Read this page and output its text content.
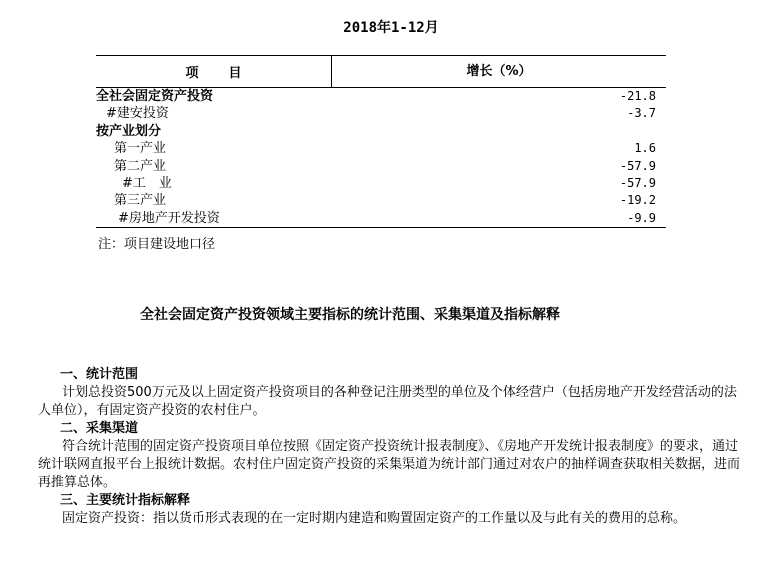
2018年1-12月
项 目	增长（%）
全社会固定资产投资	-21.8
#建安投资	-3.7
按产业划分
第一产业	1.6
第二产业	-57.9
#工　业	-57.9
第三产业	-19.2
#房地产开发投资	-9.9
注：项目建设地口径
全社会固定资产投资领域主要指标的统计范围、采集渠道及指标解释
一、统计范围

计划总投资500万元及以上固定资产投资项目的各种登记注册类型的单位及个体经营户（包括房地产开发经营活动的法人单位），有固定资产投资的农村住户。

二、采集渠道

符合统计范围的固定资产投资项目单位按照《固定资产投资统计报表制度》、《房地产开发统计报表制度》的要求，通过统计联网直报平台上报统计数据。农村住户固定资产投资的采集渠道为统计部门通过对农户的抽样调查获取相关数据，进而再推算总体。

三、主要统计指标解释

固定资产投资：指以货币形式表现的在一定时期内建造和购置固定资产的工作量以及与此有关的费用的总称。
